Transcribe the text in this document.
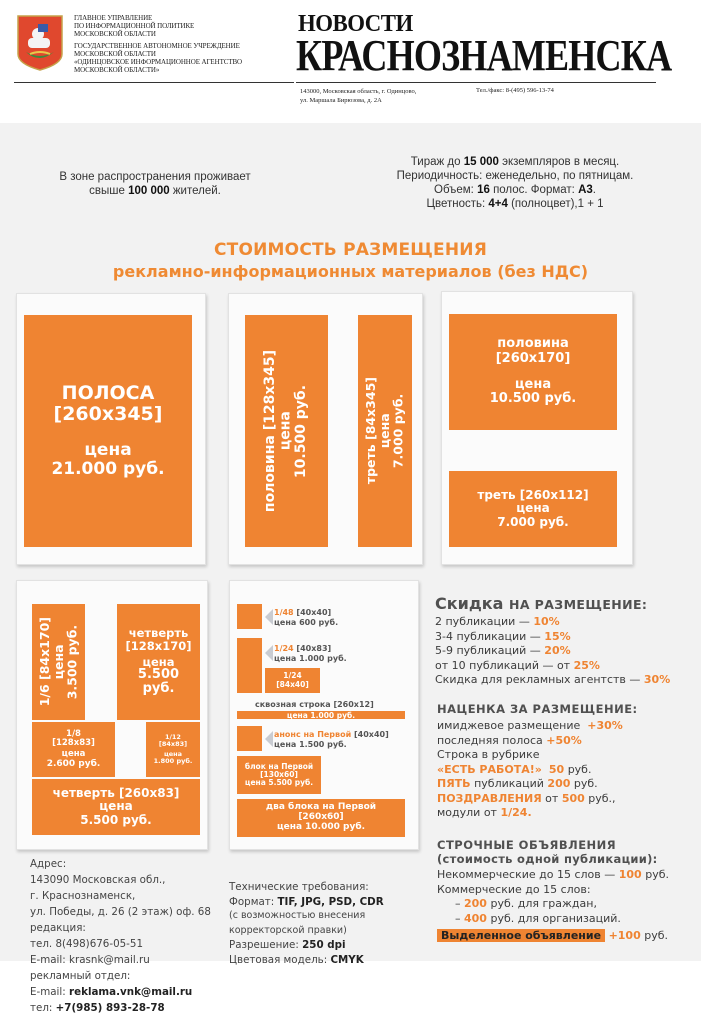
ГЛАВНОЕ УПРАВЛЕНИЕ
ПО ИНФОРМАЦИОННОЙ ПОЛИТИКЕ
МОСКОВСКОЙ ОБЛАСТИ
ГОСУДАРСТВЕННОЕ АВТОНОМНОЕ УЧРЕЖДЕНИЕ
МОСКОВСКОЙ ОБЛАСТИ
«ОДИНЦОВСКОЕ ИНФОРМАЦИОННОЕ АГЕНТСТВО
МОСКОВСКОЙ ОБЛАСТИ»
НОВОСТИ
КРАСНОЗНАМЕНСКА
143000, Московская область, г. Одинцово,
ул. Маршала Бирюзова, д. 2А
Тел./факс: 8-(495) 596-13-74
В зоне распространения проживает
свыше 100 000 жителей.
Тираж до 15 000 экземпляров в месяц.
Периодичность: еженедельно, по пятницам.
Объем: 16 полос. Формат: А3.
Цветность: 4+4 (полноцвет),1 + 1
СТОИМОСТЬ РАЗМЕЩЕНИЯ
рекламно-информационных материалов (без НДС)
ПОЛОСА
[260x345]
цена
21.000 руб.	половина [128x345] цена 10.500 руб.	треть [84x345]
цена
7.000 руб.
половина
[260x170]
цена
10.500 руб.
треть [260x112]
цена
7.000 руб.
1/6 [84x170]
цена
3.500 руб.	четверть
[128x170]
цена
5.500
руб.
1/8
[128x83]
цена
2.600 руб.
1/12
[84x83]
цена
1.800 руб.
четверть [260x83]
цена
5.500 руб.
1/48 [40x40]
цена 600 руб.
1/24 [40x83]
цена 1.000 руб.
1/24
[84x40]
сквозная строка [260x12]
цена 1.000 руб.
анонс на Первой [40x40]
цена 1.500 руб.
блок на Первой
[130x60]
цена 5.500 руб.
два блока на Первой
[260x60]
цена 10.000 руб.
Скидка НА РАЗМЕЩЕНИЕ:
2 публикации — 10%
3-4 публикации — 15%
5-9 публикаций — 20%
от 10 публикаций — от 25%
Скидка для рекламных агентств — 30%
НАЦЕНКА ЗА РАЗМЕЩЕНИЕ:
имиджевое размещение +30%
последняя полоса +50%
Строка в рубрике
«ЕСТЬ РАБОТА!» 50 руб.
ПЯТЬ публикаций 200 руб.
ПОЗДРАВЛЕНИЯ от 500 руб.,
модули от 1/24.
СТРОЧНЫЕ ОБЪЯВЛЕНИЯ
(стоимость одной публикации):
Некоммерческие до 15 слов — 100 руб.
Коммерческие до 15 слов:
– 200 руб. для граждан,
– 400 руб. для организаций.
Выделенное объявление +100 руб.
Адрес:
143090 Московская обл.,
г. Краснознаменск,
ул. Победы, д. 26 (2 этаж) оф. 68
редакция:
тел. 8(498)676-05-51
E-mail: krasnk@mail.ru
рекламный отдел:
E-mail: reklama.vnk@mail.ru
тел: +7(985) 893-28-78
Технические требования:
Формат: TIF, JPG, PSD, CDR
(с возможностью внесения
корректорской правки)
Разрешение: 250 dpi
Цветовая модель: CMYK
